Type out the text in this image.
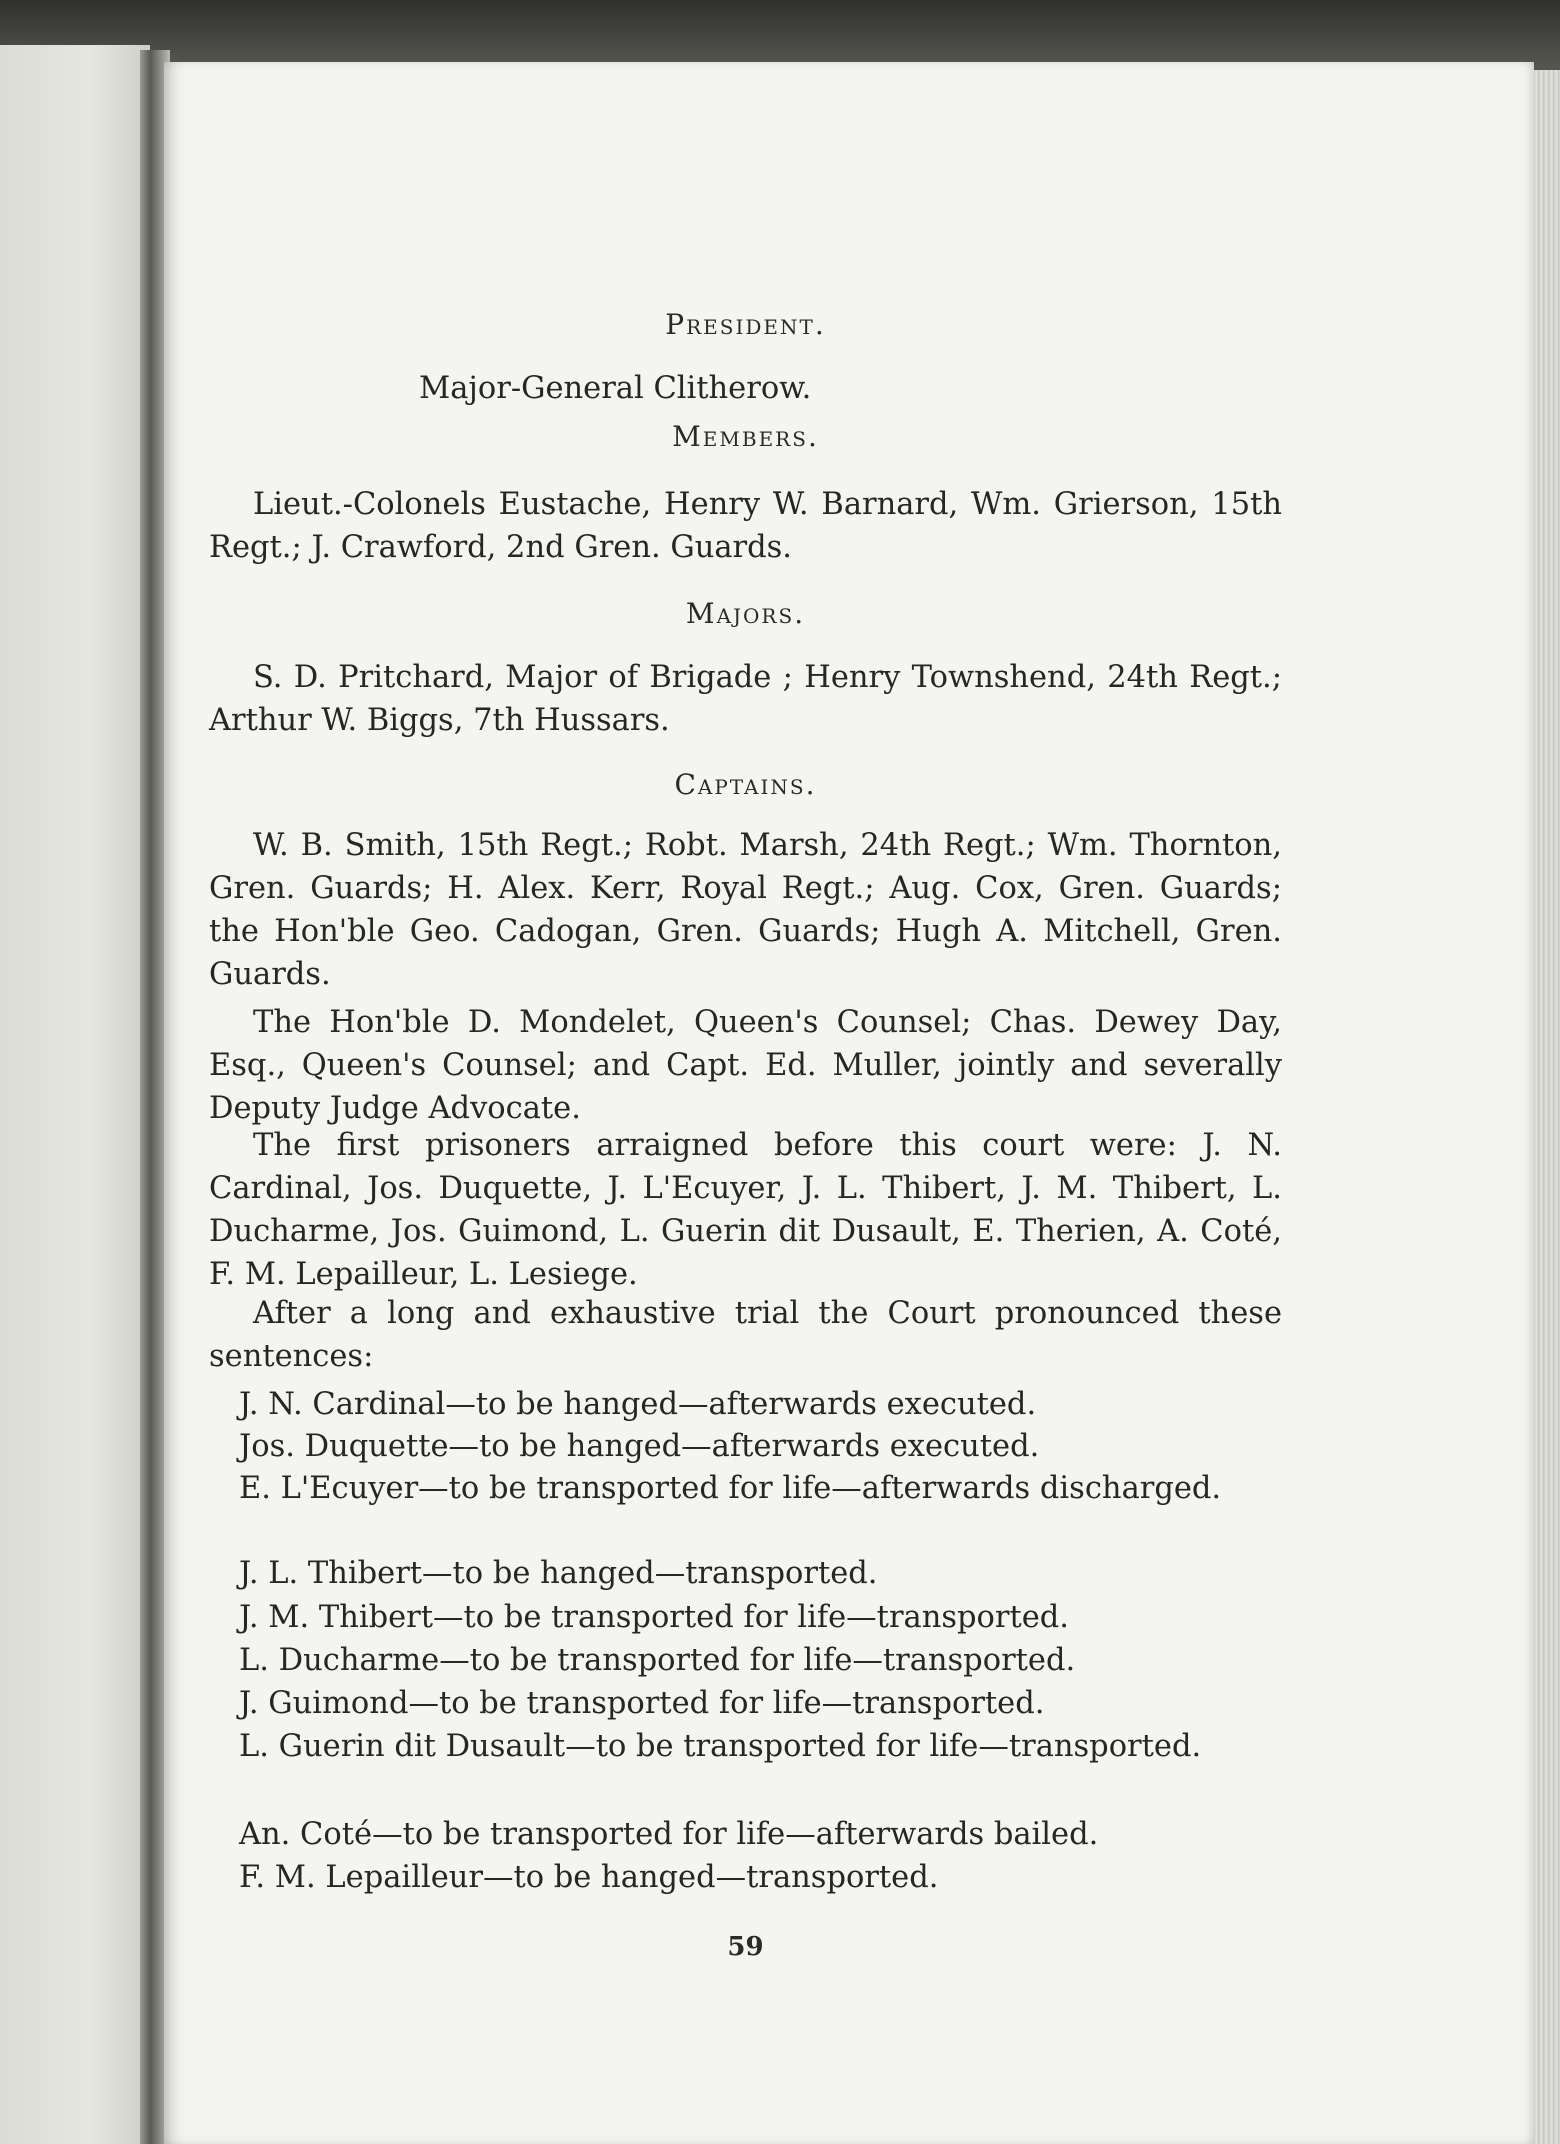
President.
Major-General Clitherow.
Members.
Lieut.-Colonels Eustache, Henry W. Barnard, Wm. Grierson, 15th Regt.; J. Crawford, 2nd Gren. Guards.
Majors.
S. D. Pritchard, Major of Brigade ; Henry Townshend, 24th Regt.; Arthur W. Biggs, 7th Hussars.
Captains.
W. B. Smith, 15th Regt.; Robt. Marsh, 24th Regt.; Wm. Thornton, Gren. Guards; H. Alex. Kerr, Royal Regt.; Aug. Cox, Gren. Guards; the Hon'ble Geo. Cadogan, Gren. Guards; Hugh A. Mitchell, Gren. Guards.
The Hon'ble D. Mondelet, Queen's Counsel; Chas. Dewey Day, Esq., Queen's Counsel; and Capt. Ed. Muller, jointly and severally Deputy Judge Advocate.
The first prisoners arraigned before this court were: J. N. Cardinal, Jos. Duquette, J. L'Ecuyer, J. L. Thibert, J. M. Thibert, L. Ducharme, Jos. Guimond, L. Guerin dit Dusault, E. Therien, A. Coté, F. M. Lepailleur, L. Lesiege.
After a long and exhaustive trial the Court pronounced these sentences:
J. N. Cardinal—to be hanged—afterwards executed.
Jos. Duquette—to be hanged—afterwards executed.
E. L'Ecuyer—to be transported for life—afterwards discharged.
J. L. Thibert—to be hanged—transported.
J. M. Thibert—to be transported for life—transported.
L. Ducharme—to be transported for life—transported.
J. Guimond—to be transported for life—transported.
L. Guerin dit Dusault—to be transported for life—transported.
An. Coté—to be transported for life—afterwards bailed.
F. M. Lepailleur—to be hanged—transported.
59
